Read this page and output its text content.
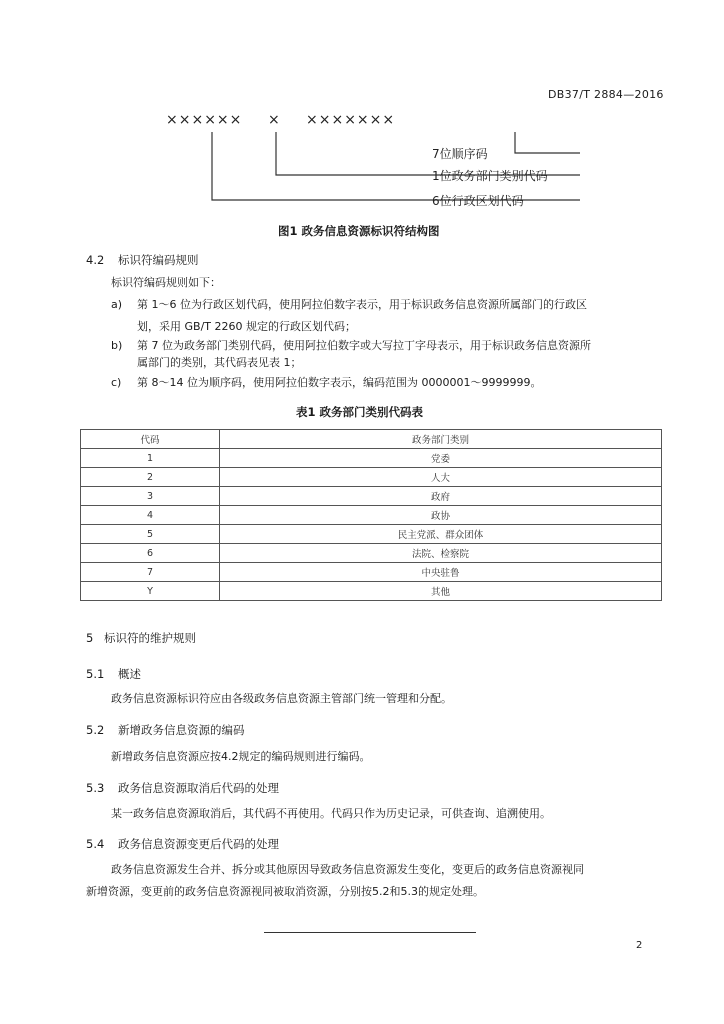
DB37/T 2884—2016
×××××× × ×××××××
7位顺序码
1位政务部门类别代码
6位行政区划代码
图1 政务信息资源标识符结构图
4.2 标识符编码规则
标识符编码规则如下：
a) 第 1～6 位为行政区划代码，使用阿拉伯数字表示，用于标识政务信息资源所属部门的行政区
划，采用 GB/T 2260 规定的行政区划代码；
b) 第 7 位为政务部门类别代码，使用阿拉伯数字或大写拉丁字母表示，用于标识政务信息资源所
属部门的类别，其代码表见表 1；
c) 第 8～14 位为顺序码，使用阿拉伯数字表示，编码范围为 0000001～9999999。
表1 政务部门类别代码表
代码	政务部门类别
1	党委
2	人大
3	政府
4	政协
5	民主党派、群众团体
6	法院、检察院
7	中央驻鲁
Y	其他
5 标识符的维护规则
5.1 概述
政务信息资源标识符应由各级政务信息资源主管部门统一管理和分配。
5.2 新增政务信息资源的编码
新增政务信息资源应按4.2规定的编码规则进行编码。
5.3 政务信息资源取消后代码的处理
某一政务信息资源取消后，其代码不再使用。代码只作为历史记录，可供查询、追溯使用。
5.4 政务信息资源变更后代码的处理
政务信息资源发生合并、拆分或其他原因导致政务信息资源发生变化，变更后的政务信息资源视同
新增资源，变更前的政务信息资源视同被取消资源，分别按5.2和5.3的规定处理。
2
